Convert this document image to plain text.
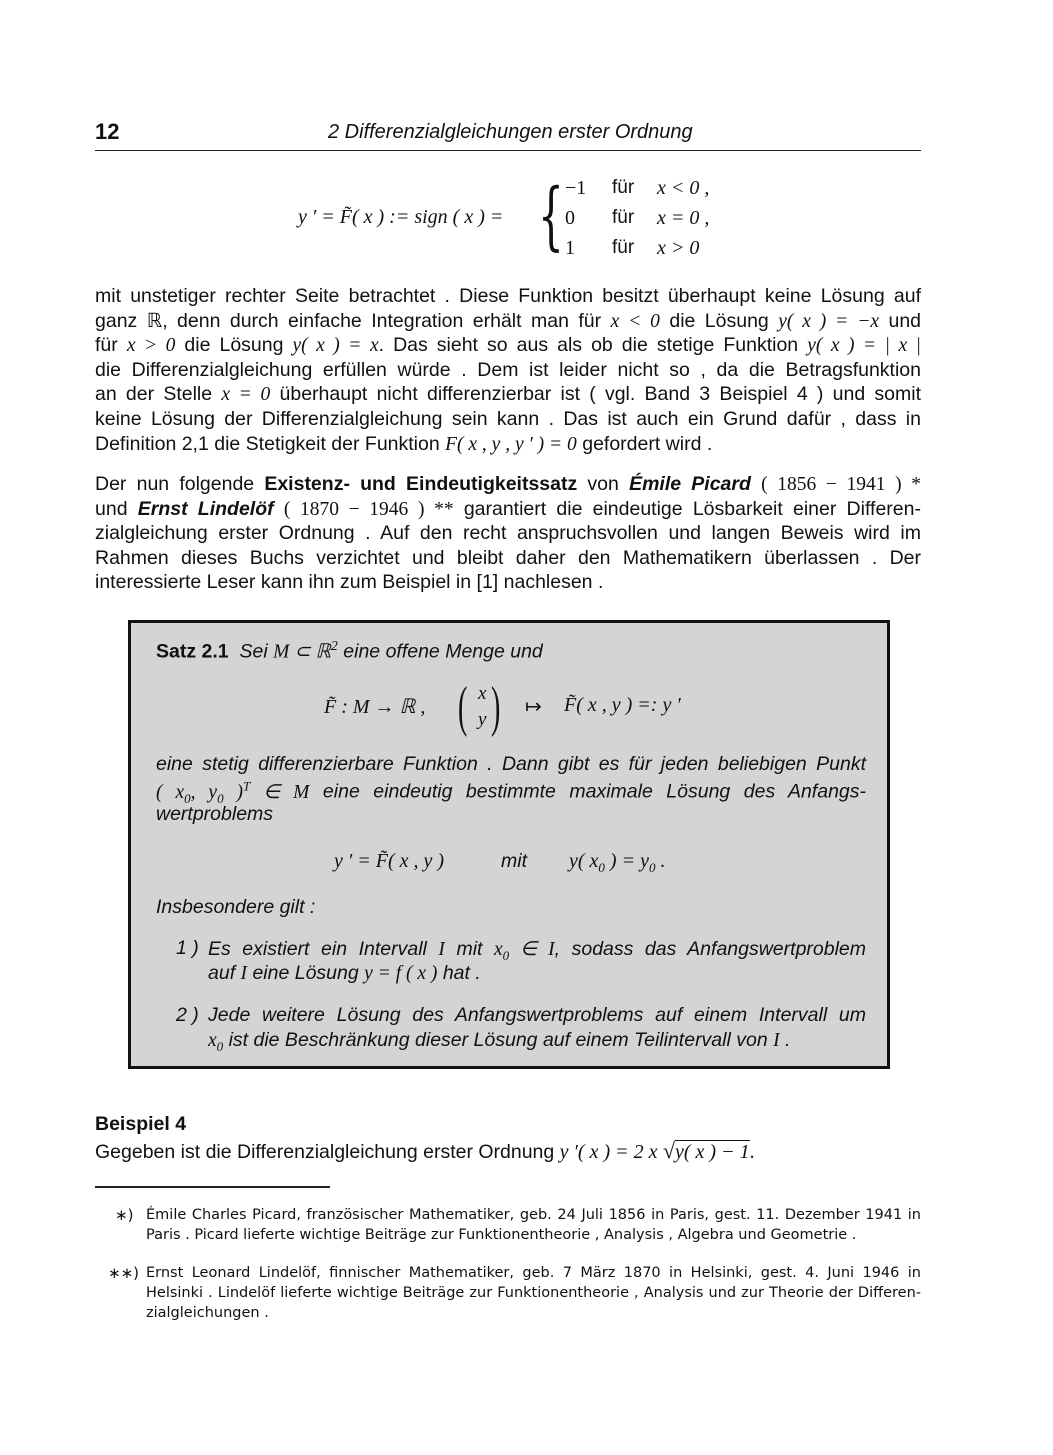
12	2 Differenzialgleichungen erster Ordnung
y ′ = F̃( x ) := sign ( x ) = { −1 für x < 0 ,
0 für x = 0 ,
1 für x > 0
mit unstetiger rechter Seite betrachtet . Diese Funktion besitzt überhaupt keine Lösung auf
ganz ℝ, denn durch einfache Integration erhält man für x < 0 die Lösung y( x ) = −x und
für x > 0 die Lösung y( x ) = x. Das sieht so aus als ob die stetige Funktion y( x ) = | x |
die Differenzialgleichung erfüllen würde . Dem ist leider nicht so , da die Betragsfunktion
an der Stelle x = 0 überhaupt nicht differenzierbar ist ( vgl. Band 3 Beispiel 4 ) und somit
keine Lösung der Differenzialgleichung sein kann . Das ist auch ein Grund dafür , dass in
Definition 2,1 die Stetigkeit der Funktion F( x , y , y ′ ) = 0 gefordert wird .
Der nun folgende Existenz- und Eindeutigkeitssatz von Émile Picard ( 1856 − 1941 ) *
und Ernst Lindelöf ( 1870 − 1946 ) ** garantiert die eindeutige Lösbarkeit einer Differen-
zialgleichung erster Ordnung . Auf den recht anspruchsvollen und langen Beweis wird im
Rahmen dieses Buchs verzichtet und bleibt daher den Mathematikern überlassen . Der
interessierte Leser kann ihn zum Beispiel in [1] nachlesen .
Satz 2.1 Sei M ⊂ ℝ$^2$ eine offene Menge und
F̃ : M → ℝ , ( x
y ) ↦ F̃( x , y ) =: y ′
eine stetig differenzierbare Funktion . Dann gibt es für jeden beliebigen Punkt
( $x_0$, $y_0$ )$^T$ ∈ M eine eindeutig bestimmte maximale Lösung des Anfangs-
wertproblems
y ′ = F̃( x , y )	mit y( $x_0$ ) = $y_0$ .
Insbesondere gilt :
1 ) Es existiert ein Intervall I mit $x_0$ ∈ I, sodass das Anfangswertproblem
auf I eine Lösung y = f ( x ) hat .
2 ) Jede weitere Lösung des Anfangswertproblems auf einem Intervall um
$x_0$ ist die Beschränkung dieser Lösung auf einem Teilintervall von I .
Beispiel 4
Gegeben ist die Differenzialgleichung erster Ordnung y ′( x ) = 2 x √y( x ) − 1.
∗) Émile Charles Picard, französischer Mathematiker, geb. 24 Juli 1856 in Paris, gest. 11. Dezember 1941 in
Paris . Picard lieferte wichtige Beiträge zur Funktionentheorie , Analysis , Algebra und Geometrie .
∗∗) Ernst Leonard Lindelöf, finnischer Mathematiker, geb. 7 März 1870 in Helsinki, gest. 4. Juni 1946 in
Helsinki . Lindelöf lieferte wichtige Beiträge zur Funktionentheorie , Analysis und zur Theorie der Differen-
zialgleichungen .
